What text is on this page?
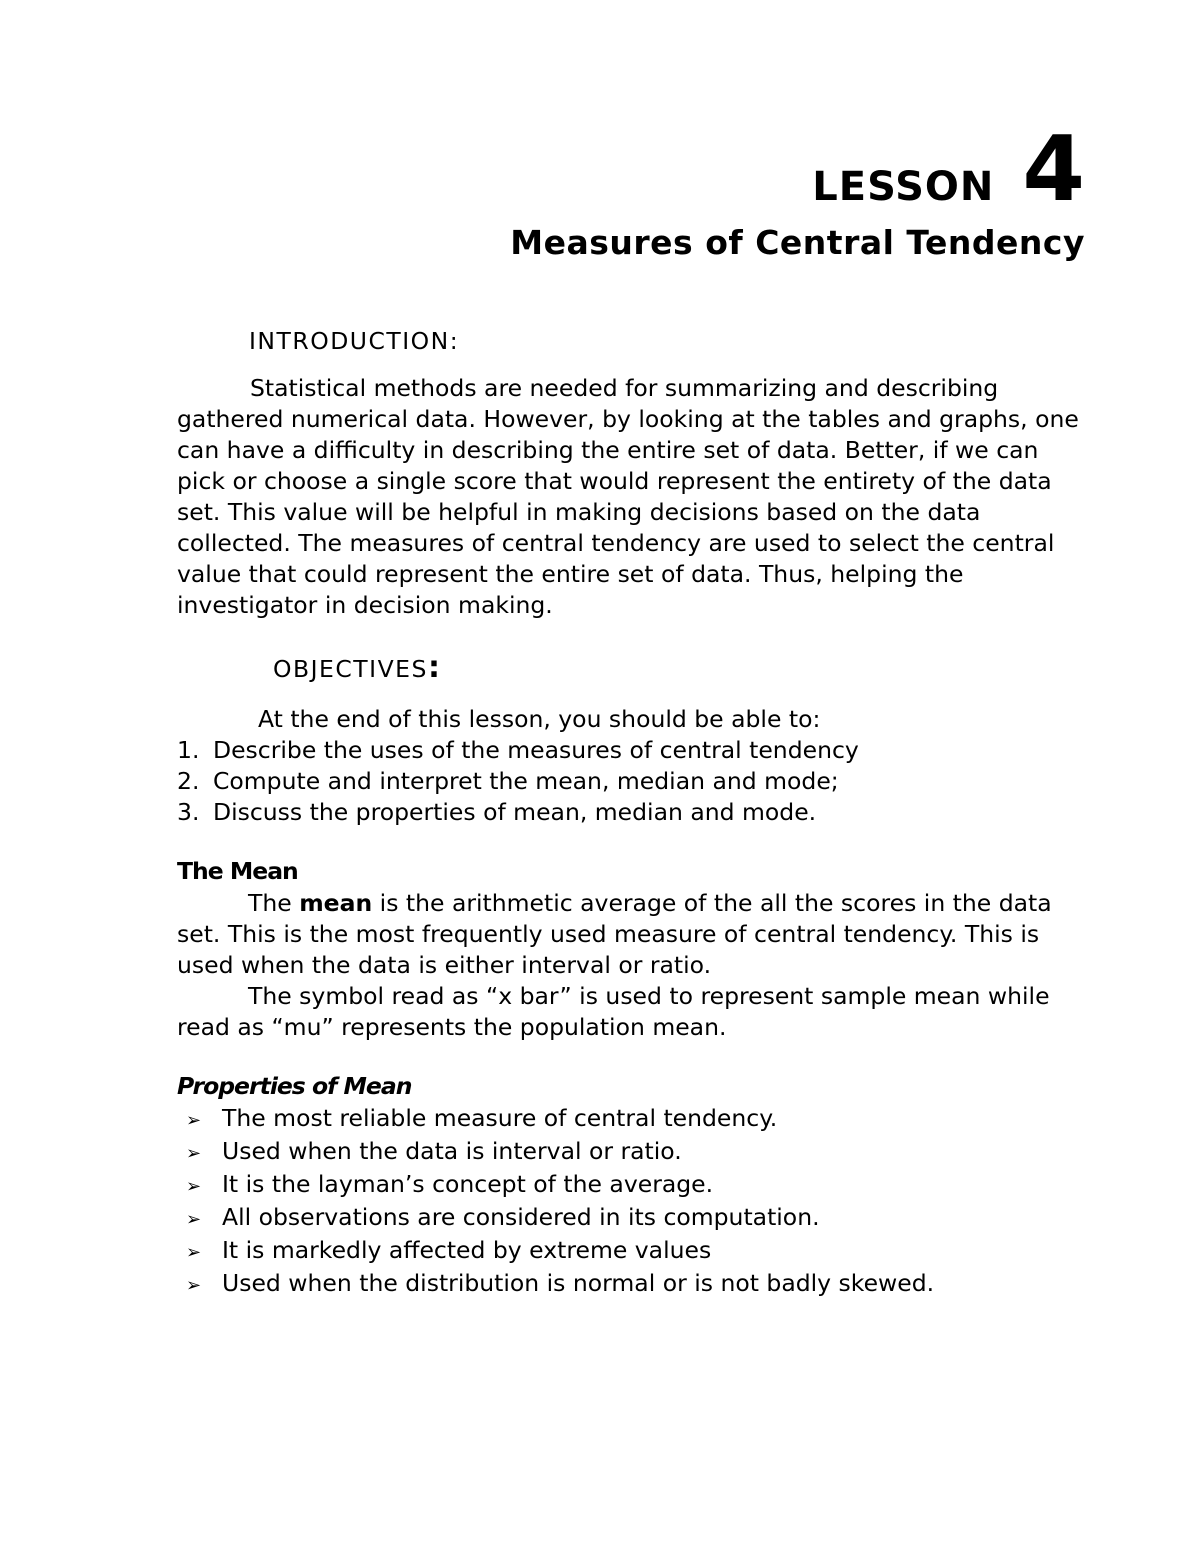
LESSON 4
Measures of Central Tendency
INTRODUCTION:
Statistical methods are needed for summarizing and describing gathered numerical data. However, by looking at the tables and graphs, one can have a difficulty in describing the entire set of data. Better, if we can pick or choose a single score that would represent the entirety of the data set. This value will be helpful in making decisions based on the data collected. The measures of central tendency are used to select the central value that could represent the entire set of data. Thus, helping the investigator in decision making.
OBJECTIVES:
At the end of this lesson, you should be able to:
1. Describe the uses of the measures of central tendency
2. Compute and interpret the mean, median and mode;
3. Discuss the properties of mean, median and mode.
The Mean
The mean is the arithmetic average of the all the scores in the data set. This is the most frequently used measure of central tendency. This is used when the data is either interval or ratio.
The symbol read as “x bar” is used to represent sample mean while read as “mu” represents the population mean.
Properties of Mean
➢ The most reliable measure of central tendency.
➢ Used when the data is interval or ratio.
➢ It is the layman’s concept of the average.
➢ All observations are considered in its computation.
➢ It is markedly affected by extreme values
➢ Used when the distribution is normal or is not badly skewed.
